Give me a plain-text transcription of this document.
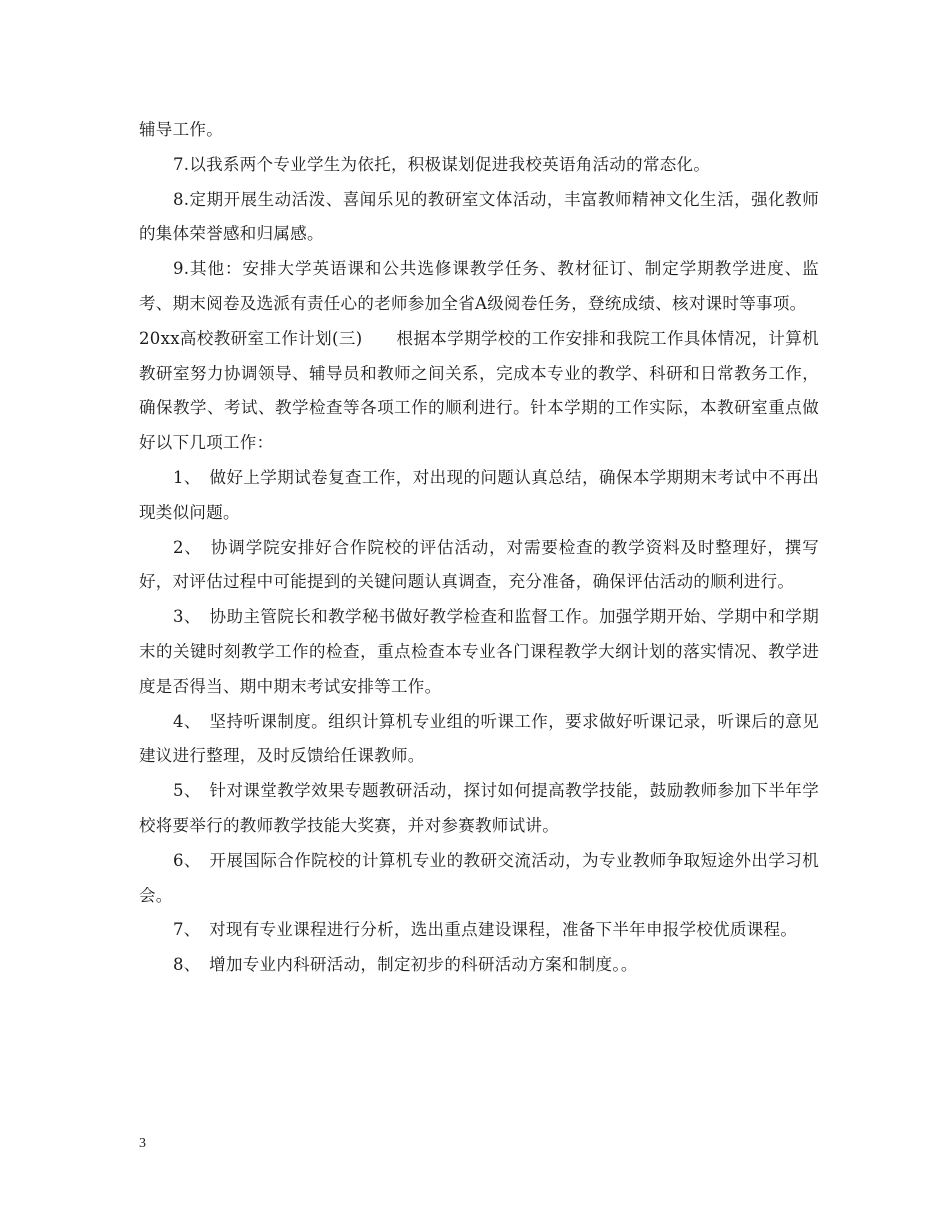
辅导工作。

7.以我系两个专业学生为依托，积极谋划促进我校英语角活动的常态化。

8.定期开展生动活泼、喜闻乐见的教研室文体活动，丰富教师精神文化生活，强化教师的集体荣誉感和归属感。

9.其他：安排大学英语课和公共选修课教学任务、教材征订、制定学期教学进度、监考、期末阅卷及选派有责任心的老师参加全省A级阅卷任务，登统成绩、核对课时等事项。

20xx高校教研室工作计划(三)　　根据本学期学校的工作安排和我院工作具体情况，计算机教研室努力协调领导、辅导员和教师之间关系，完成本专业的教学、科研和日常教务工作，确保教学、考试、教学检查等各项工作的顺利进行。针本学期的工作实际，本教研室重点做好以下几项工作：

1、　做好上学期试卷复查工作，对出现的问题认真总结，确保本学期期末考试中不再出现类似问题。

2、　协调学院安排好合作院校的评估活动，对需要检查的教学资料及时整理好，撰写好，对评估过程中可能提到的关键问题认真调查，充分准备，确保评估活动的顺利进行。

3、　协助主管院长和教学秘书做好教学检查和监督工作。加强学期开始、学期中和学期末的关键时刻教学工作的检查，重点检查本专业各门课程教学大纲计划的落实情况、教学进度是否得当、期中期末考试安排等工作。

4、　坚持听课制度。组织计算机专业组的听课工作，要求做好听课记录，听课后的意见建议进行整理，及时反馈给任课教师。

5、　针对课堂教学效果专题教研活动，探讨如何提高教学技能，鼓励教师参加下半年学校将要举行的教师教学技能大奖赛，并对参赛教师试讲。

6、　开展国际合作院校的计算机专业的教研交流活动，为专业教师争取短途外出学习机会。

7、　对现有专业课程进行分析，选出重点建设课程，准备下半年申报学校优质课程。

8、　增加专业内科研活动，制定初步的科研活动方案和制度。。

3
